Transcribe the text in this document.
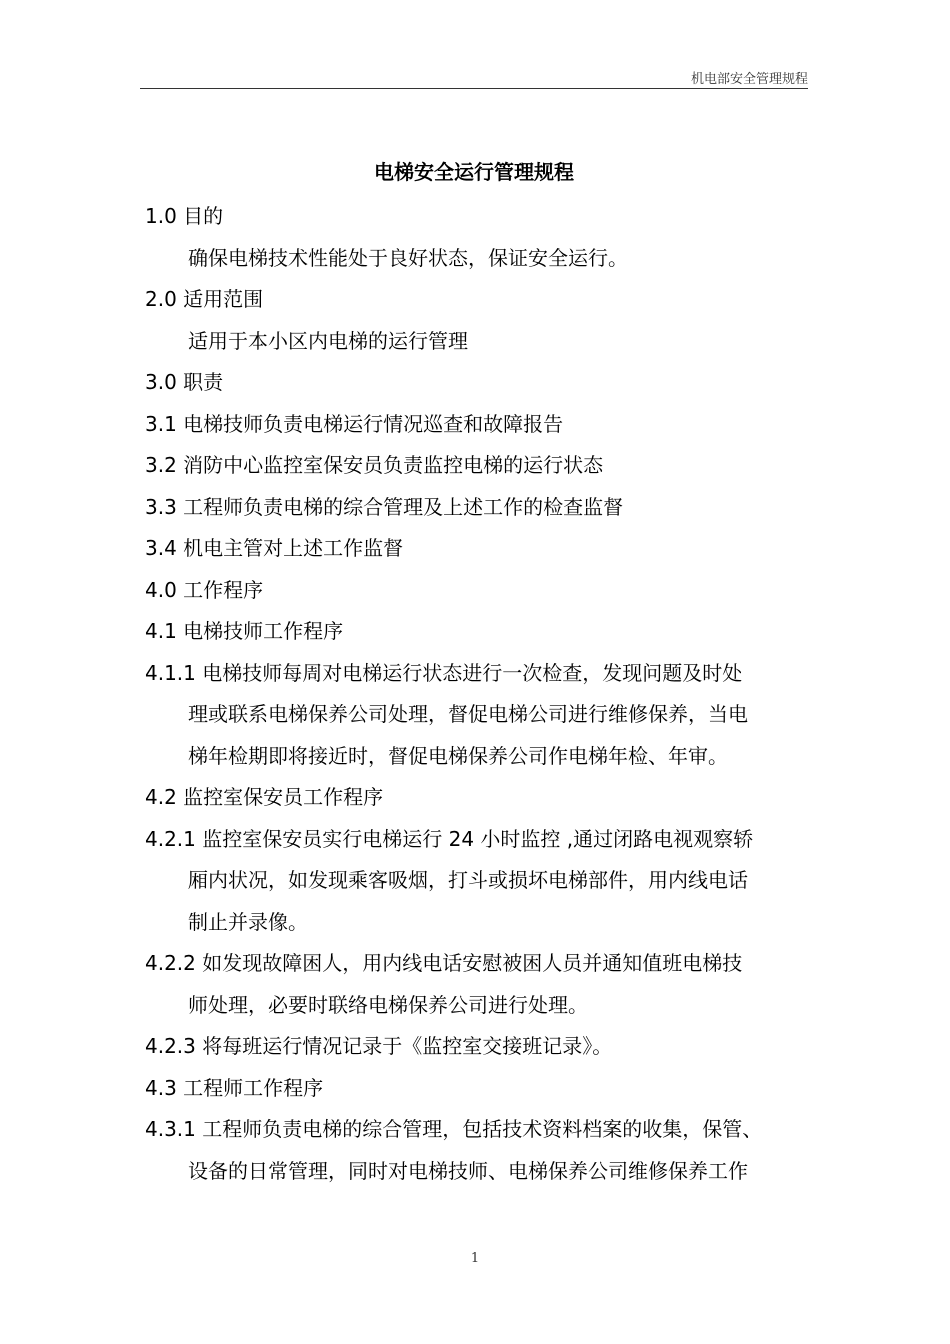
机电部安全管理规程
电梯安全运行管理规程
1.0 目的
确保电梯技术性能处于良好状态，保证安全运行。
2.0 适用范围
适用于本小区内电梯的运行管理
3.0 职责
3.1 电梯技师负责电梯运行情况巡查和故障报告
3.2 消防中心监控室保安员负责监控电梯的运行状态
3.3 工程师负责电梯的综合管理及上述工作的检查监督
3.4 机电主管对上述工作监督
4.0 工作程序
4.1 电梯技师工作程序
4.1.1 电梯技师每周对电梯运行状态进行一次检查，发现问题及时处
理或联系电梯保养公司处理，督促电梯公司进行维修保养，当电
梯年检期即将接近时，督促电梯保养公司作电梯年检、年审。
4.2 监控室保安员工作程序
4.2.1 监控室保安员实行电梯运行 24 小时监控 ,通过闭路电视观察轿
厢内状况，如发现乘客吸烟，打斗或损坏电梯部件，用内线电话
制止并录像。
4.2.2 如发现故障困人，用内线电话安慰被困人员并通知值班电梯技
师处理，必要时联络电梯保养公司进行处理。
4.2.3 将每班运行情况记录于《监控室交接班记录》。
4.3 工程师工作程序
4.3.1 工程师负责电梯的综合管理，包括技术资料档案的收集，保管、
设备的日常管理，同时对电梯技师、电梯保养公司维修保养工作
1
